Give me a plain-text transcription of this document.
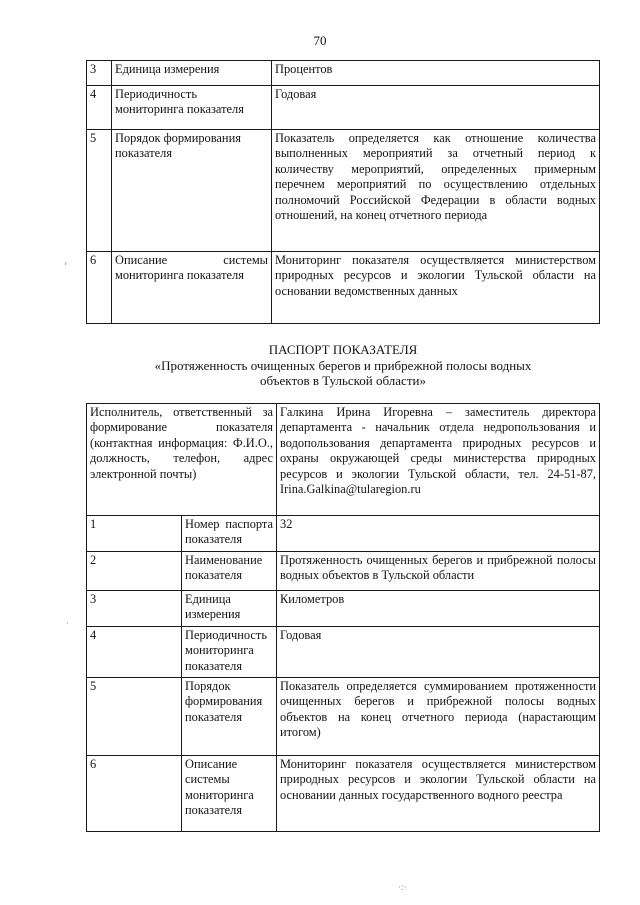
70
3	Единица измерения	Процентов
4	Периодичность мониторинга показателя	Годовая
5	Порядок формирования показателя	Показатель определяется как отношение количества выполненных мероприятий за отчетный период к количеству мероприятий, определенных примерным перечнем мероприятий по осуществлению отдельных полномочий Российской Федерации в области водных отношений, на конец отчетного периода
6	Описание системы мониторинга показателя	Мониторинг показателя осуществляется министерством природных ресурсов и экологии Тульской области на основании ведомственных данных
ПАСПОРТ ПОКАЗАТЕЛЯ
«Протяженность очищенных берегов и прибрежной полосы водных объектов в Тульской области»
Исполнитель, ответственный за формирование показателя (контактная информация: Ф.И.О., должность, телефон, адрес электронной почты)		Галкина Ирина Игоревна – заместитель директора департамента - начальник отдела недропользования и водопользования департамента природных ресурсов и охраны окружающей среды министерства природных ресурсов и экологии Тульской области, тел. 24-51-87, Irina.Galkina@tularegion.ru
1	Номер паспорта показателя	32
2	Наименование показателя	Протяженность очищенных берегов и прибрежной полосы водных объектов в Тульской области
3	Единица измерения	Километров
4	Периодичность мониторинга показателя	Годовая
5	Порядок формирования показателя	Показатель определяется суммированием протяженности очищенных берегов и прибрежной полосы водных объектов на конец отчетного периода (нарастающим итогом)
6	Описание системы мониторинга показателя	Мониторинг показателя осуществляется министерством природных ресурсов и экологии Тульской области на основании данных государственного водного реестра
›
·
·:·
